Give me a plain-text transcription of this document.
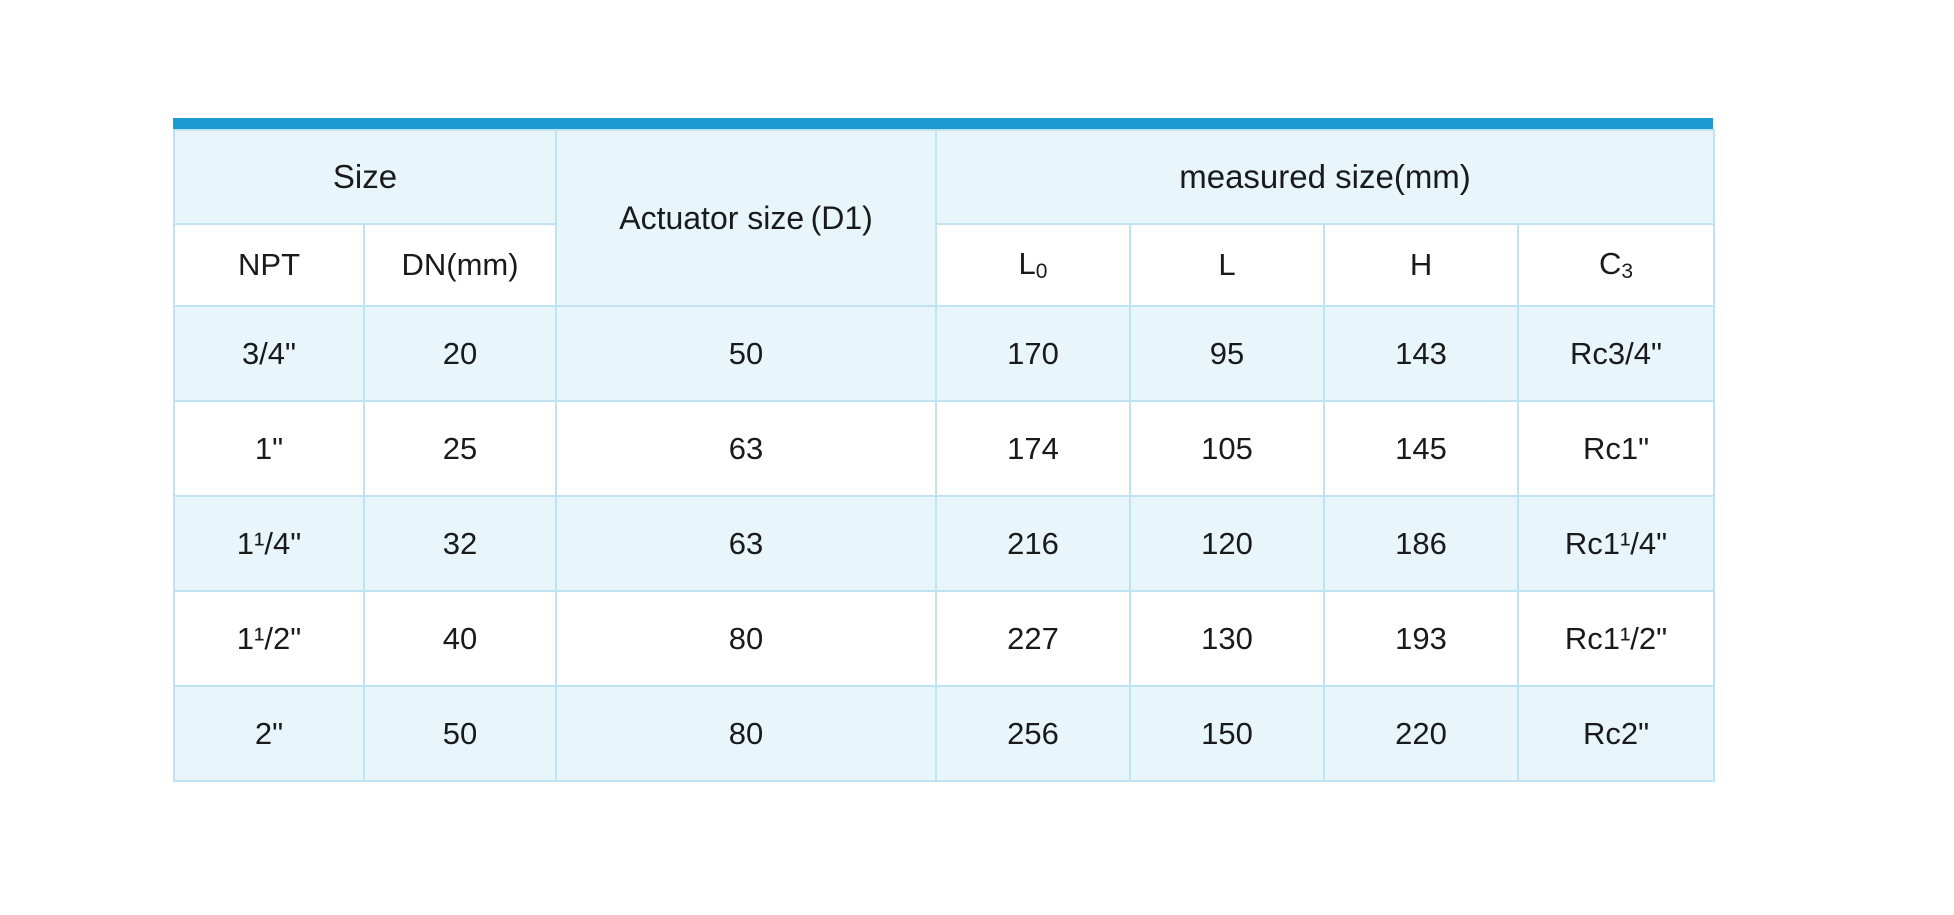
Size		Actuator size (D1)	measured size(mm)			
NPT	DN(mm)		L0	L	H	C3
3/4"	20	50	170	95	143	Rc3/4"
1"	25	63	174	105	145	Rc1"
1¹/4"	32	63	216	120	186	Rc1¹/4"
1¹/2"	40	80	227	130	193	Rc1¹/2"
2"	50	80	256	150	220	Rc2"
